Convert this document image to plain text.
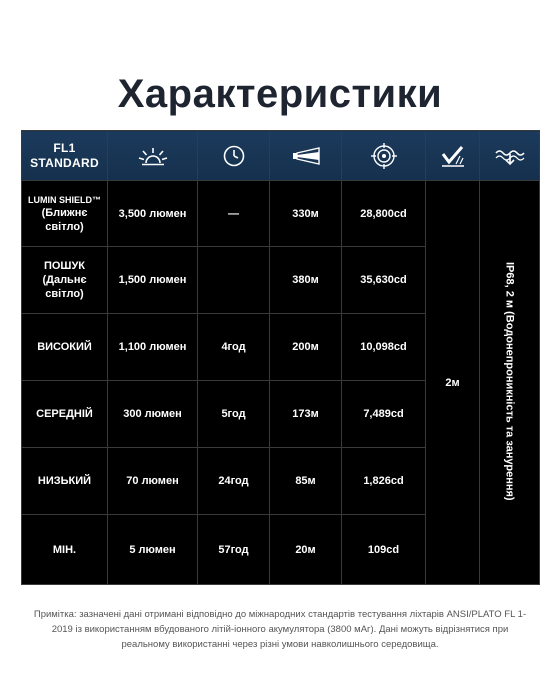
Характеристики
FL1
STANDARD

LUMIN SHIELD™
(Ближнє
світло)	3,500 люмен	—	330м	28,800cd	2м	IP68, 2 м (Водонепроникність та занурення)

ПОШУК
(Дальнє
світло)	1,500 люмен		380м	35,630cd		

ВИСОКИЙ	1,100 люмен	4год	200м	10,098cd		

СЕРЕДНІЙ	300 люмен	5год	173м	7,489cd		

НИЗЬКИЙ	70 люмен	24год	85м	1,826cd		

МІН.	5 люмен	57год	20м	109cd		
Примітка: зазначені дані отримані відповідно до міжнародних стандартів тестування ліхтарів ANSI/PLATO FL 1-2019 із використанням вбудованого літій-іонного акумулятора (3800 мАг). Дані можуть відрізнятися при реальному використанні через різні умови навколишнього середовища.
